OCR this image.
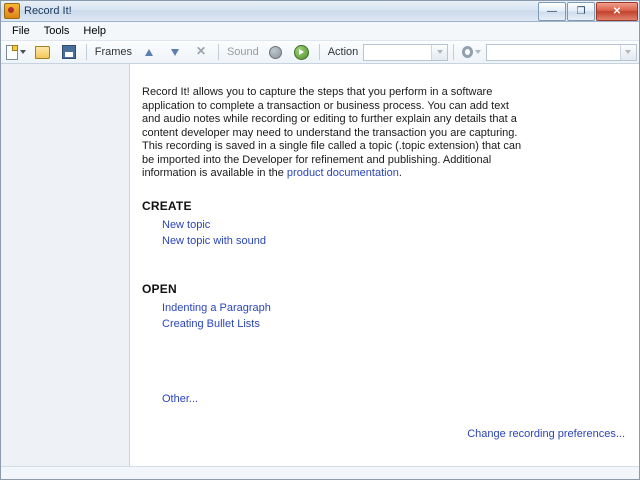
Record It!	—	❐	✕
File	Tools	Help
Frames	✕ Sound	Action

Record It! allows you to capture the steps that you perform in a software application to complete a transaction or business process. You can add text and audio notes while recording or editing to further explain any details that a content developer may need to understand the transaction you are capturing. This recording is saved in a single file called a topic (.topic extension) that can be imported into the Developer for refinement and publishing. Additional information is available in the product documentation.

CREATE
New topic
New topic with sound
OPEN
Indenting a Paragraph
Creating Bullet Lists
Other...
Change recording preferences...
